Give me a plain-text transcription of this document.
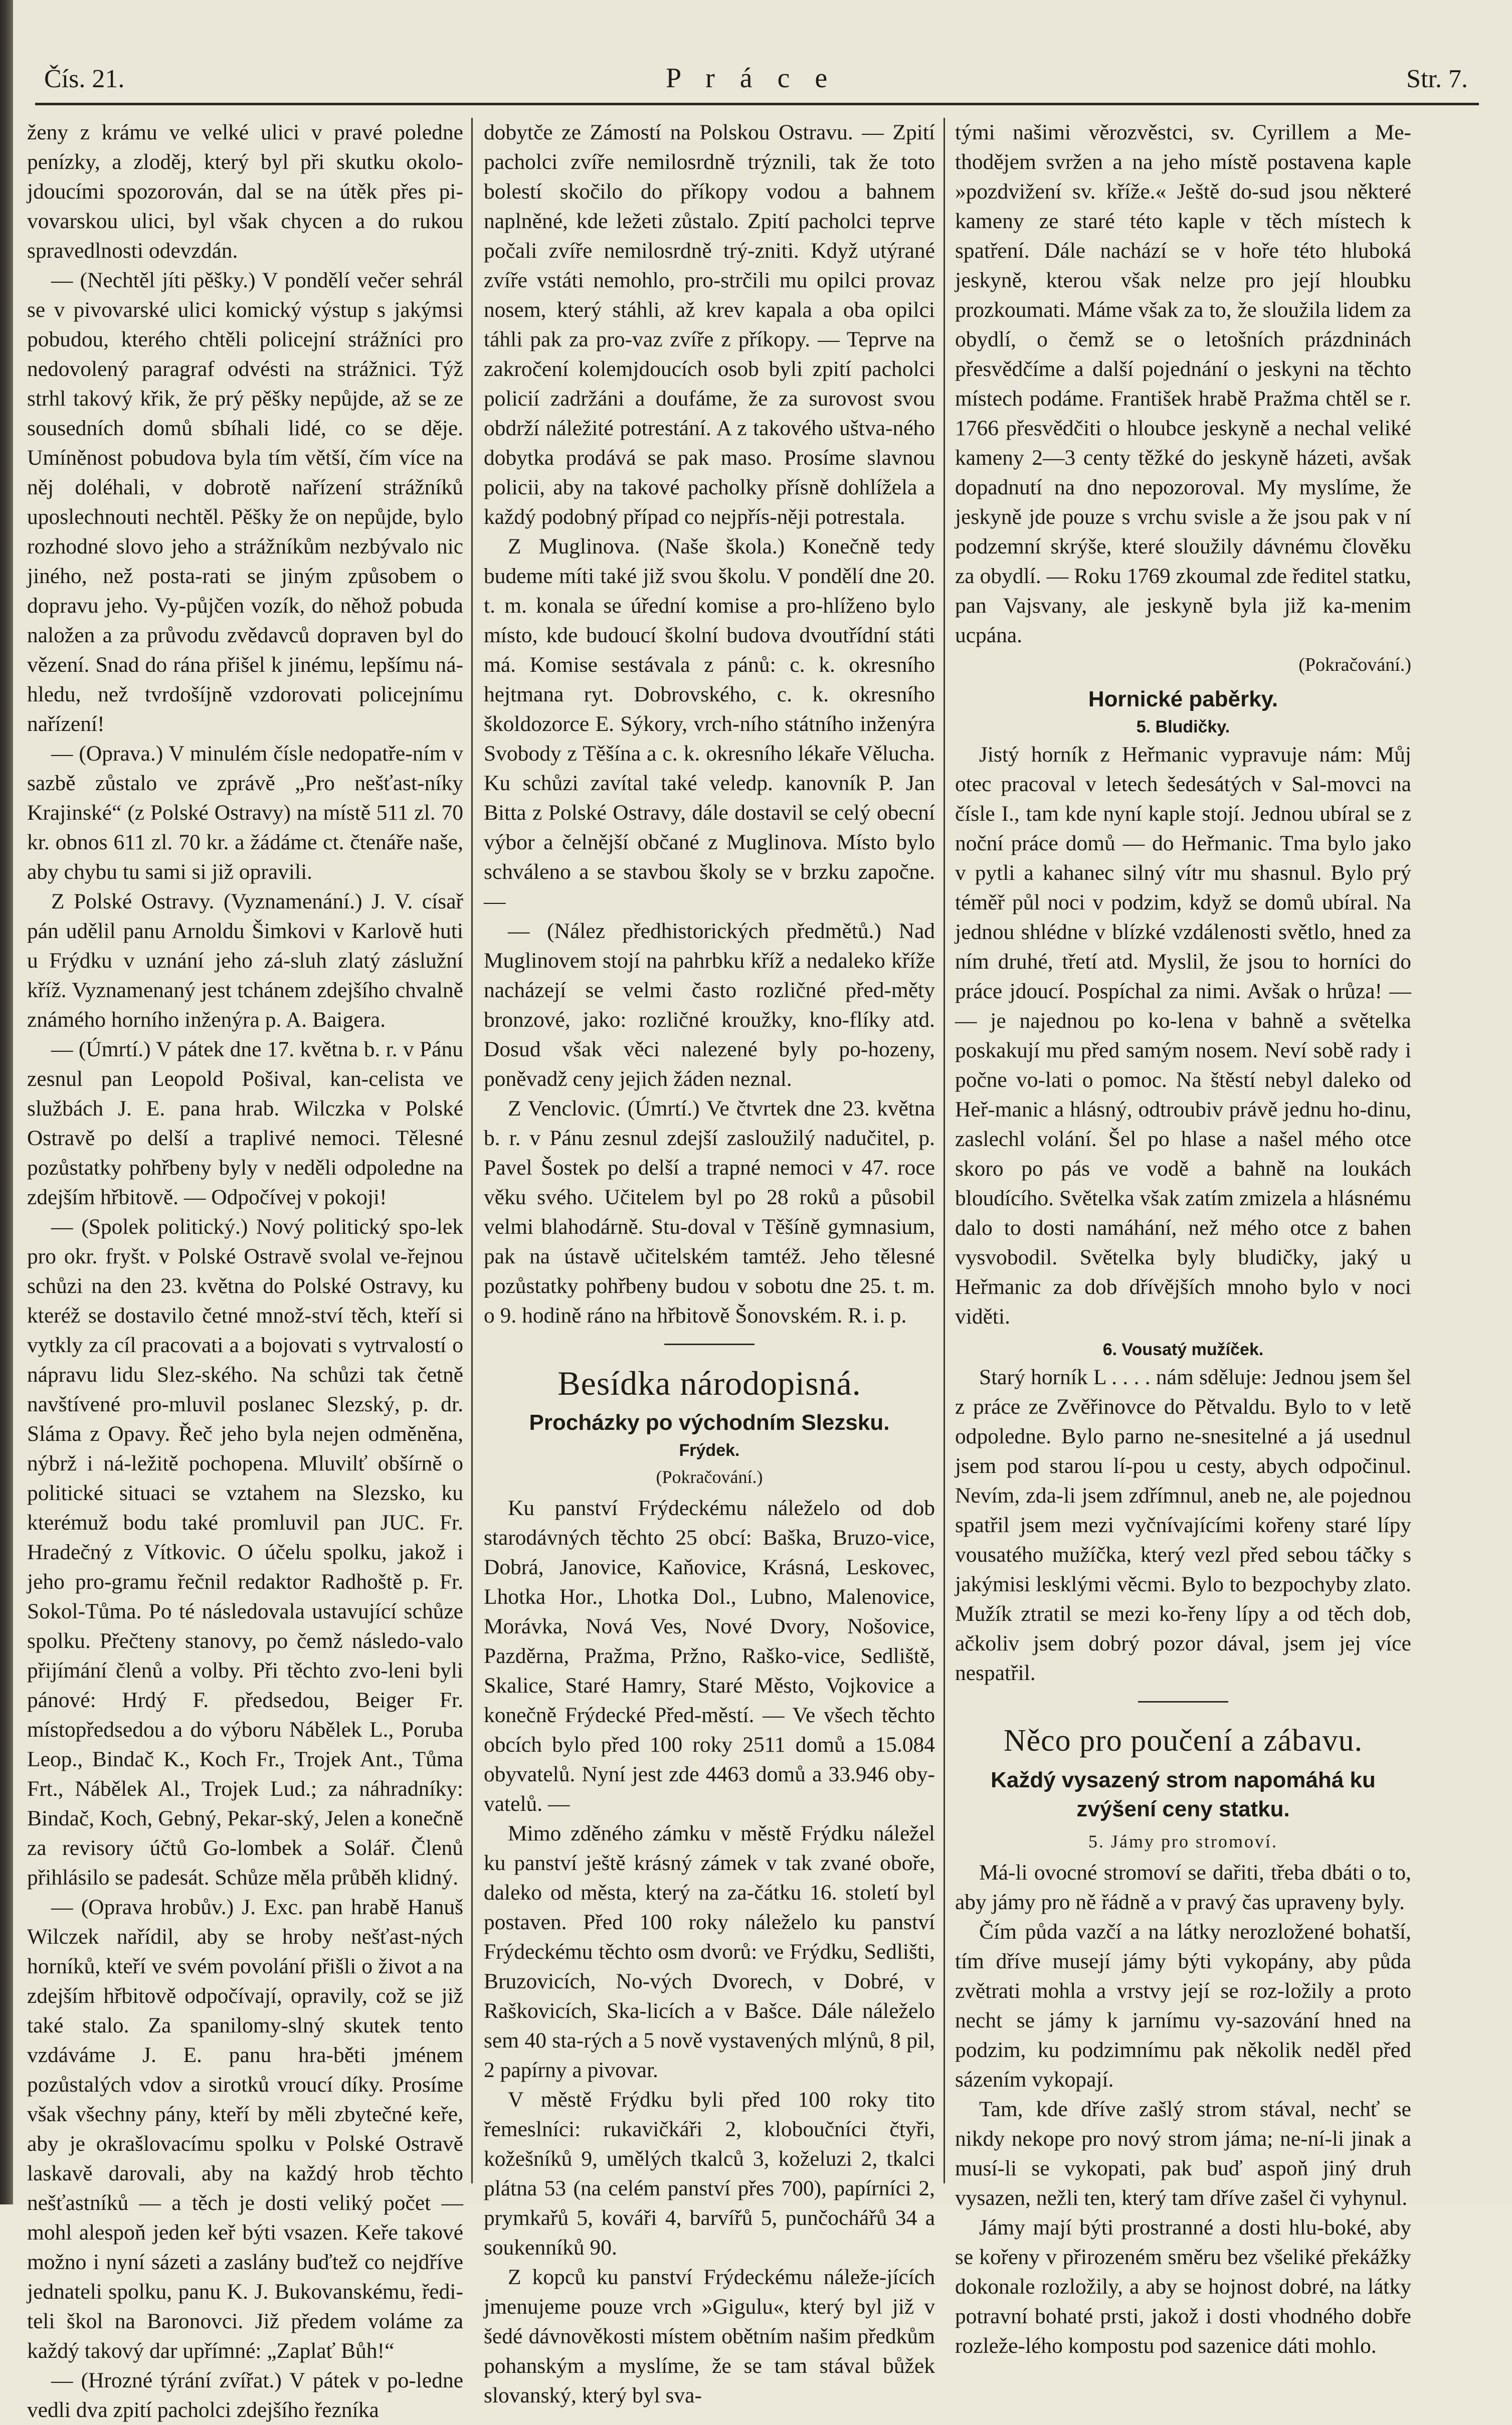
Čís. 21.	P r á c e	Str. 7.

ženy z krámu ve velké ulici v pravé poledne penízky, a zloděj, který byl při skutku okolo-jdoucími spozorován, dal se na útěk přes pi-vovarskou ulici, byl však chycen a do rukou spravedlnosti odevzdán.

— (Nechtěl jíti pěšky.) V pondělí večer sehrál se v pivovarské ulici komický výstup s jakýmsi pobudou, kterého chtěli policejní strážníci pro nedovolený paragraf odvésti na strážnici. Týž strhl takový křik, že prý pěšky nepůjde, až se ze sousedních domů sbíhali lidé, co se děje. Umíněnost pobudova byla tím větší, čím více na něj doléhali, v dobrotě nařízení strážníků uposlechnouti nechtěl. Pěšky že on nepůjde, bylo rozhodné slovo jeho a strážníkům nezbývalo nic jiného, než posta-rati se jiným způsobem o dopravu jeho. Vy-půjčen vozík, do něhož pobuda naložen a za průvodu zvědavců dopraven byl do vězení. Snad do rána přišel k jinému, lepšímu ná-hledu, než tvrdošíjně vzdorovati policejnímu nařízení!

— (Oprava.) V minulém čísle nedopatře-ním v sazbě zůstalo ve zprávě „Pro nešťast-níky Krajinské“ (z Polské Ostravy) na místě 511 zl. 70 kr. obnos 611 zl. 70 kr. a žádáme ct. čtenáře naše, aby chybu tu sami si již opravili.

Z Polské Ostravy. (Vyznamenání.) J. V. císař pán udělil panu Arnoldu Šimkovi v Karlově huti u Frýdku v uznání jeho zá-sluh zlatý záslužní kříž. Vyznamenaný jest tchánem zdejšího chvalně známého horního inženýra p. A. Baigera.

— (Úmrtí.) V pátek dne 17. května b. r. v Pánu zesnul pan Leopold Pošival, kan-celista ve službách J. E. pana hrab. Wilczka v Polské Ostravě po delší a traplivé nemoci. Tělesné pozůstatky pohřbeny byly v neděli odpoledne na zdejším hřbitově. — Odpočívej v pokoji!

— (Spolek politický.) Nový politický spo-lek pro okr. fryšt. v Polské Ostravě svolal ve-řejnou schůzi na den 23. května do Polské Ostravy, ku kteréž se dostavilo četné množ-ství těch, kteří si vytkly za cíl pracovati a a bojovati s vytrvalostí o nápravu lidu Slez-ského. Na schůzi tak četně navštívené pro-mluvil poslanec Slezský, p. dr. Sláma z Opavy. Řeč jeho byla nejen odměněna, nýbrž i ná-ležitě pochopena. Mluvilť obšírně o politické situaci se vztahem na Slezsko, ku kterémuž bodu také promluvil pan JUC. Fr. Hradečný z Vítkovic. O účelu spolku, jakož i jeho pro-gramu řečnil redaktor Radhoště p. Fr. Sokol-Tůma. Po té následovala ustavující schůze spolku. Přečteny stanovy, po čemž následo-valo přijímání členů a volby. Při těchto zvo-leni byli pánové: Hrdý F. předsedou, Beiger Fr. místopředsedou a do výboru Nábělek L., Poruba Leop., Bindač K., Koch Fr., Trojek Ant., Tůma Frt., Nábělek Al., Trojek Lud.; za náhradníky: Bindač, Koch, Gebný, Pekar-ský, Jelen a konečně za revisory účtů Go-lombek a Solář. Členů přihlásilo se padesát. Schůze měla průběh klidný.

— (Oprava hrobův.) J. Exc. pan hrabě Hanuš Wilczek nařídil, aby se hroby nešťast-ných horníků, kteří ve svém povolání přišli o život a na zdejším hřbitově odpočívají, opravily, což se již také stalo. Za spanilomy-slný skutek tento vzdáváme J. E. panu hra-běti jménem pozůstalých vdov a sirotků vroucí díky. Prosíme však všechny pány, kteří by měli zbytečné keře, aby je okrašlovacímu spolku v Polské Ostravě laskavě darovali, aby na každý hrob těchto nešťastníků — a těch je dosti veliký počet — mohl alespoň jeden keř býti vsazen. Keře takové možno i nyní sázeti a zaslány buďtež co nejdříve jednateli spolku, panu K. J. Bukovanskému, ředi-teli škol na Baronovci. Již předem voláme za každý takový dar upřímné: „Zaplať Bůh!“

— (Hrozné týrání zvířat.) V pátek v po-ledne vedli dva zpití pacholci zdejšího řezníka

dobytče ze Zámostí na Polskou Ostravu. — Zpití pacholci zvíře nemilosrdně trýznili, tak že toto bolestí skočilo do příkopy vodou a bahnem naplněné, kde ležeti zůstalo. Zpití pacholci teprve počali zvíře nemilosrdně trý-zniti. Když utýrané zvíře vstáti nemohlo, pro-strčili mu opilci provaz nosem, který stáhli, až krev kapala a oba opilci táhli pak za pro-vaz zvíře z příkopy. — Teprve na zakročení kolemjdoucích osob byli zpití pacholci policií zadržáni a doufáme, že za surovost svou obdrží náležité potrestání. A z takového uštva-ného dobytka prodává se pak maso. Prosíme slavnou policii, aby na takové pacholky přísně dohlížela a každý podobný případ co nejpřís-něji potrestala.

Z Muglinova. (Naše škola.) Konečně tedy budeme míti také již svou školu. V pondělí dne 20. t. m. konala se úřední komise a pro-hlíženo bylo místo, kde budoucí školní budova dvoutřídní státi má. Komise sestávala z pánů: c. k. okresního hejtmana ryt. Dobrovského, c. k. okresního školdozorce E. Sýkory, vrch-ního státního inženýra Svobody z Těšína a c. k. okresního lékaře Vělucha. Ku schůzi zavítal také veledp. kanovník P. Jan Bitta z Polské Ostravy, dále dostavil se celý obecní výbor a čelnější občané z Muglinova. Místo bylo schváleno a se stavbou školy se v brzku započne. —

— (Nález předhistorických předmětů.) Nad Muglinovem stojí na pahrbku kříž a nedaleko kříže nacházejí se velmi často rozličné před-měty bronzové, jako: rozličné kroužky, kno-flíky atd. Dosud však věci nalezené byly po-hozeny, poněvadž ceny jejich žáden neznal.

Z Venclovic. (Úmrtí.) Ve čtvrtek dne 23. května b. r. v Pánu zesnul zdejší zasloužilý nadučitel, p. Pavel Šostek po delší a trapné nemoci v 47. roce věku svého. Učitelem byl po 28 roků a působil velmi blahodárně. Stu-doval v Těšíně gymnasium, pak na ústavě učitelském tamtéž. Jeho tělesné pozůstatky pohřbeny budou v sobotu dne 25. t. m. o 9. hodině ráno na hřbitově Šonovském. R. i. p.

Besídka národopisná.
Procházky po východním Slezsku.
Frýdek.
(Pokračování.)

Ku panství Frýdeckému náleželo od dob starodávných těchto 25 obcí: Baška, Bruzo-vice, Dobrá, Janovice, Kaňovice, Krásná, Leskovec, Lhotka Hor., Lhotka Dol., Lubno, Malenovice, Morávka, Nová Ves, Nové Dvory, Nošovice, Pazděrna, Pražma, Pržno, Raško-vice, Sedliště, Skalice, Staré Hamry, Staré Město, Vojkovice a konečně Frýdecké Před-městí. — Ve všech těchto obcích bylo před 100 roky 2511 domů a 15.084 obyvatelů. Nyní jest zde 4463 domů a 33.946 oby-vatelů. —

Mimo zděného zámku v městě Frýdku náležel ku panství ještě krásný zámek v tak zvané oboře, daleko od města, který na za-čátku 16. století byl postaven. Před 100 roky náleželo ku panství Frýdeckému těchto osm dvorů: ve Frýdku, Sedlišti, Bruzovicích, No-vých Dvorech, v Dobré, v Raškovicích, Ska-licích a v Bašce. Dále náleželo sem 40 sta-rých a 5 nově vystavených mlýnů, 8 pil, 2 papírny a pivovar.

V městě Frýdku byli před 100 roky tito řemeslníci: rukavičkáři 2, kloboučníci čtyři, kožešníků 9, umělých tkalců 3, koželuzi 2, tkalci plátna 53 (na celém panství přes 700), papírníci 2, prymkařů 5, kováři 4, barvířů 5, punčochářů 34 a soukenníků 90.

Z kopců ku panství Frýdeckému náleže-jících jmenujeme pouze vrch »Gigulu«, který byl již v šedé dávnověkosti místem obětním našim předkům pohanským a myslíme, že se tam stával bůžek slovanský, který byl sva-

tými našimi věrozvěstci, sv. Cyrillem a Me-thodějem svržen a na jeho místě postavena kaple »pozdvižení sv. kříže.« Ještě do-sud jsou některé kameny ze staré této kaple v těch místech k spatření. Dále nachází se v hoře této hluboká jeskyně, kterou však nelze pro její hloubku prozkoumati. Máme však za to, že sloužila lidem za obydlí, o čemž se o letošních prázdninách přesvědčíme a další pojednání o jeskyni na těchto místech podáme. František hrabě Pražma chtěl se r. 1766 přesvědčiti o hloubce jeskyně a nechal veliké kameny 2—3 centy těžké do jeskyně házeti, avšak dopadnutí na dno nepozoroval. My myslíme, že jeskyně jde pouze s vrchu svisle a že jsou pak v ní podzemní skrýše, které sloužily dávnému člověku za obydlí. — Roku 1769 zkoumal zde ředitel statku, pan Vajsvany, ale jeskyně byla již ka-menim ucpána.

(Pokračování.)
Hornické paběrky.
5. Bludičky.

Jistý horník z Heřmanic vypravuje nám: Můj otec pracoval v letech šedesátých v Sal-movci na čísle I., tam kde nyní kaple stojí. Jednou ubíral se z noční práce domů — do Heřmanic. Tma bylo jako v pytli a kahanec silný vítr mu shasnul. Bylo prý téměř půl noci v podzim, když se domů ubíral. Na jednou shlédne v blízké vzdálenosti světlo, hned za ním druhé, třetí atd. Myslil, že jsou to horníci do práce jdoucí. Pospíchal za nimi. Avšak o hrůza! — — je najednou po ko-lena v bahně a světelka poskakují mu před samým nosem. Neví sobě rady i počne vo-lati o pomoc. Na štěstí nebyl daleko od Heř-manic a hlásný, odtroubiv právě jednu ho-dinu, zaslechl volání. Šel po hlase a našel mého otce skoro po pás ve vodě a bahně na loukách bloudícího. Světelka však zatím zmizela a hlásnému dalo to dosti namáhání, než mého otce z bahen vysvobodil. Světelka byly bludičky, jaký u Heřmanic za dob dřívějších mnoho bylo v noci viděti.

6. Vousatý mužíček.

Starý horník L . . . . nám sděluje: Jednou jsem šel z práce ze Zvěřinovce do Pětvaldu. Bylo to v letě odpoledne. Bylo parno ne-snesitelné a já usednul jsem pod starou lí-pou u cesty, abych odpočinul. Nevím, zda-li jsem zdřímnul, aneb ne, ale pojednou spatřil jsem mezi vyčnívajícími kořeny staré lípy vousatého mužíčka, který vezl před sebou táčky s jakýmisi lesklými věcmi. Bylo to bezpochyby zlato. Mužík ztratil se mezi ko-řeny lípy a od těch dob, ačkoliv jsem dobrý pozor dával, jsem jej více nespatřil.

Něco pro poučení a zábavu.
Každý vysazený strom napomáhá ku zvýšení ceny statku.
5. Jámy pro stromoví.

Má-li ovocné stromoví se dařiti, třeba dbáti o to, aby jámy pro ně řádně a v pravý čas upraveny byly.

Čím půda vazčí a na látky nerozložené bohatší, tím dříve musejí jámy býti vykopány, aby půda zvětrati mohla a vrstvy její se roz-ložily a proto necht se jámy k jarnímu vy-sazování hned na podzim, ku podzimnímu pak několik neděl před sázením vykopají.

Tam, kde dříve zašlý strom stával, nechť se nikdy nekope pro nový strom jáma; ne-ní-li jinak a musí-li se vykopati, pak buď aspoň jiný druh vysazen, nežli ten, který tam dříve zašel či vyhynul.

Jámy mají býti prostranné a dosti hlu-boké, aby se kořeny v přirozeném směru bez všeliké překážky dokonale rozložily, a aby se hojnost dobré, na látky potravní bohaté prsti, jakož i dosti vhodného dobře rozleže-lého kompostu pod sazenice dáti mohlo.
